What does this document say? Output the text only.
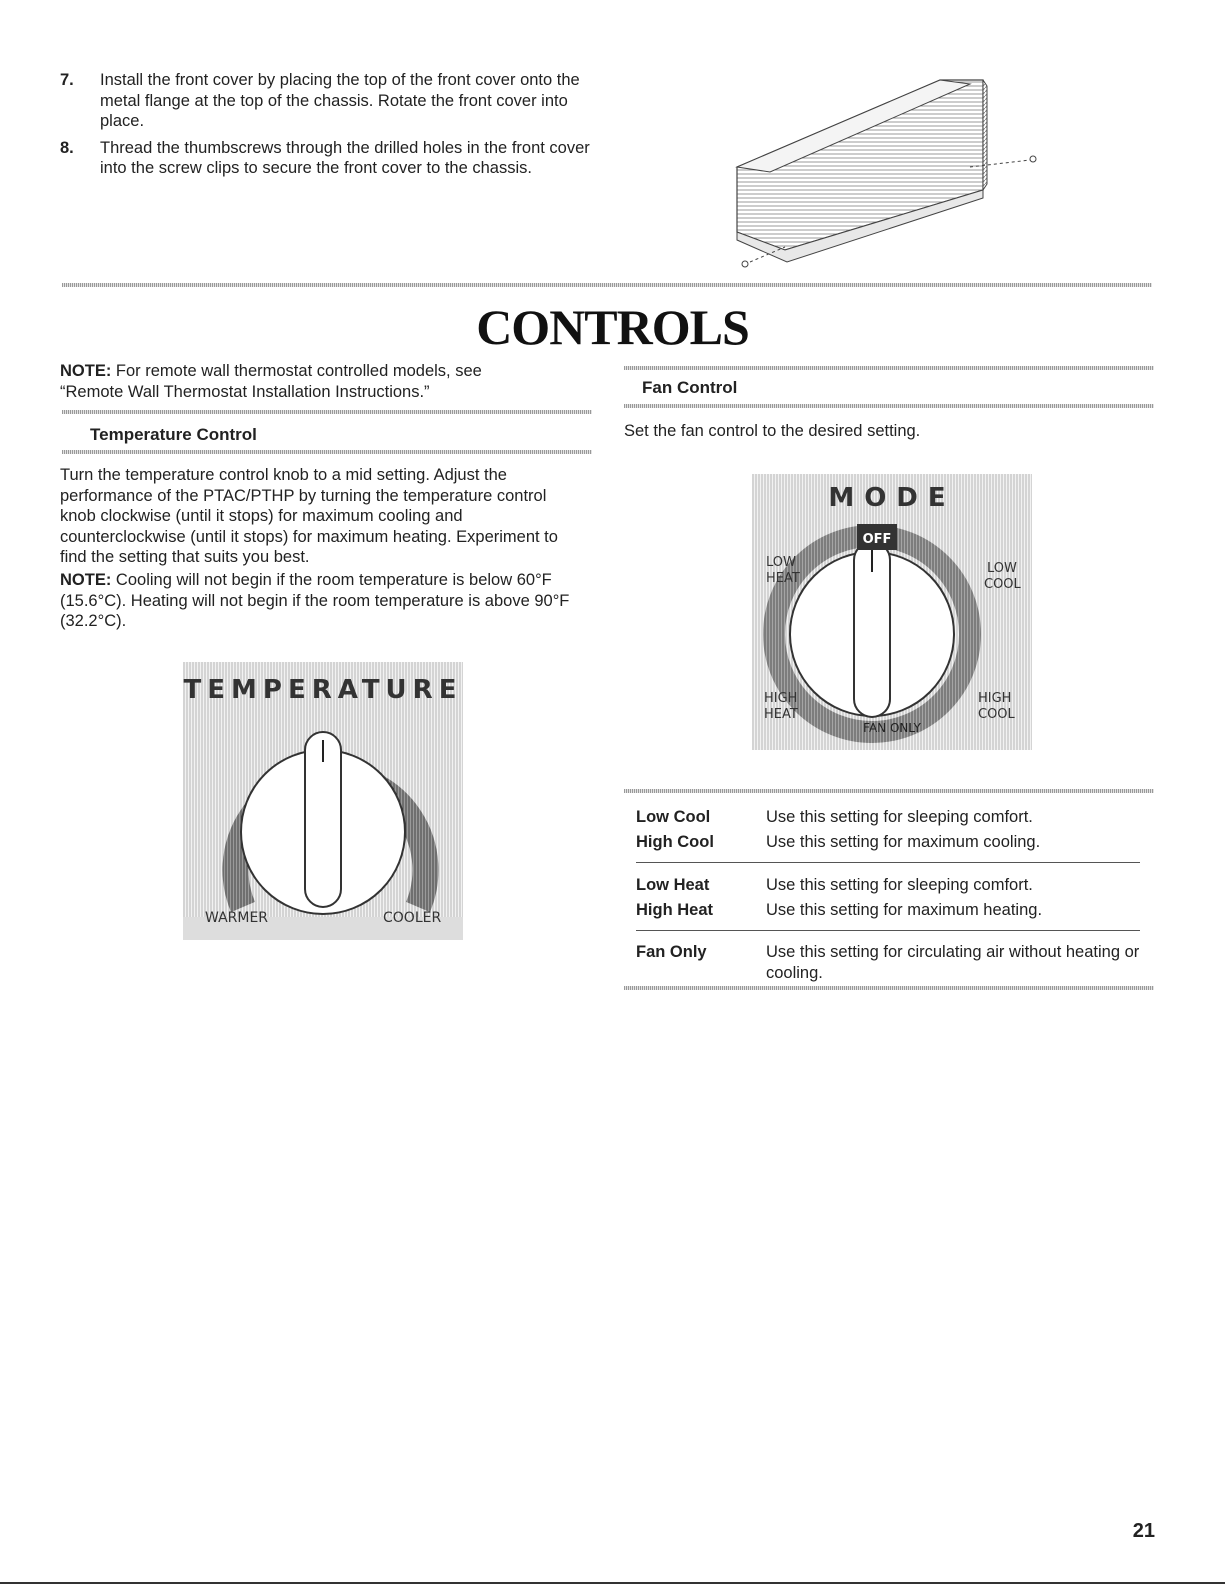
7.	Install the front cover by placing the top of the front cover onto the metal flange at the top of the chassis. Rotate the front cover into place.
8.	Thread the thumbscrews through the drilled holes in the front cover into the screw clips to secure the front cover to the chassis.
CONTROLS
NOTE: For remote wall thermostat controlled models, see “Remote Wall Thermostat Installation Instructions.”
Temperature Control
Turn the temperature control knob to a mid setting. Adjust the performance of the PTAC/PTHP by turning the temperature control knob clockwise (until it stops) for maximum cooling and counterclockwise (until it stops) for maximum heating. Experiment to find the setting that suits you best.
NOTE: Cooling will not begin if the room temperature is below 60°F (15.6°C). Heating will not begin if the room temperature is above 90°F (32.2°C).
TEMPERATURE
WARMER	COOLER
Fan Control
Set the fan control to the desired setting.
MODE
OFF
LOW
HEAT
LOW
COOL
HIGH
HEAT
HIGH
COOL
FAN ONLY
Low Cool	Use this setting for sleeping comfort.
High Cool	Use this setting for maximum cooling.
Low Heat	Use this setting for sleeping comfort.
High Heat	Use this setting for maximum heating.
Fan Only	Use this setting for circulating air without heating or cooling.
21
